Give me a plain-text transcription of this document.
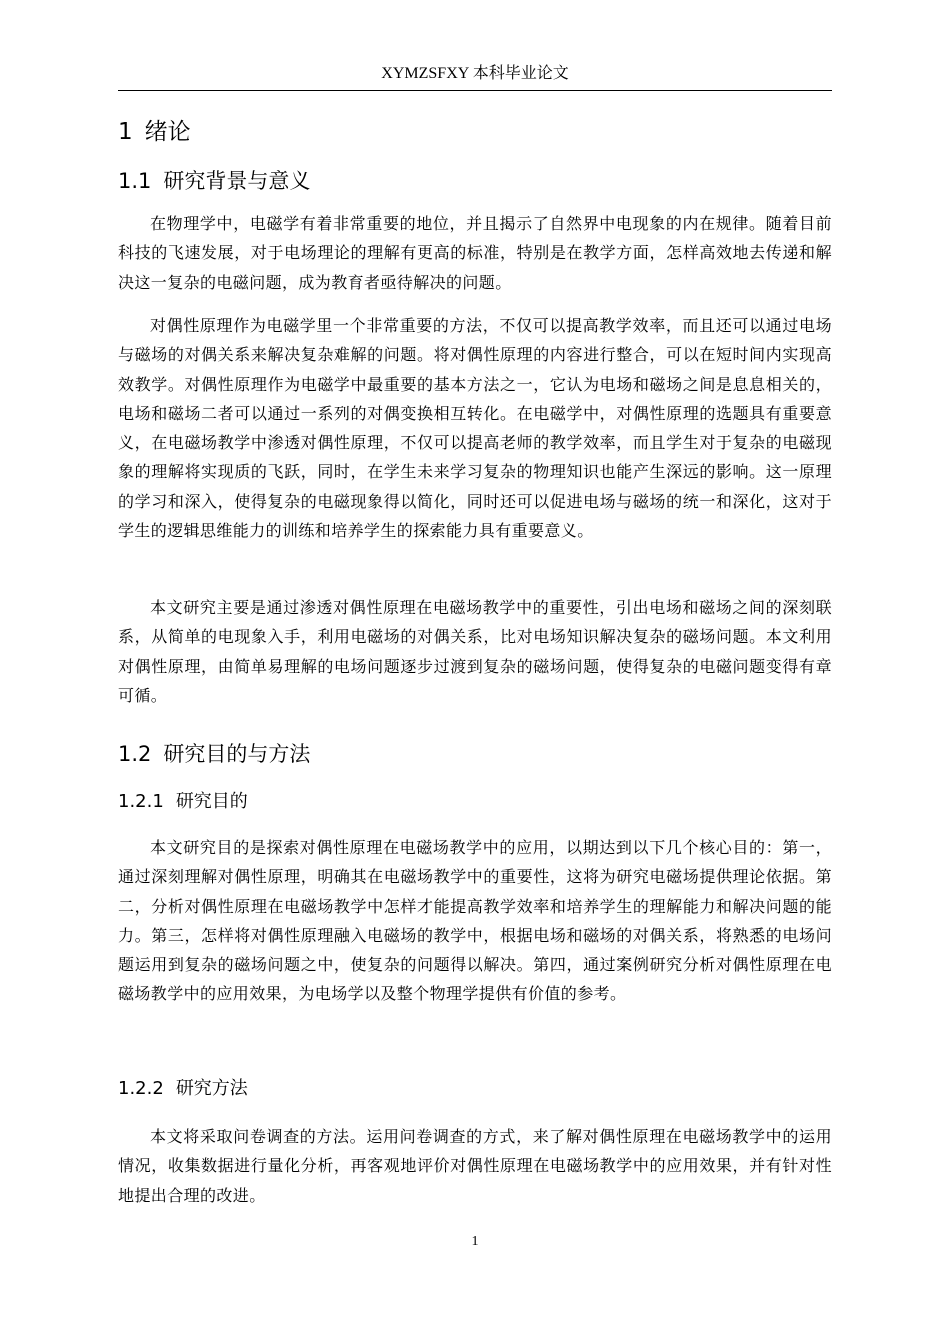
XYMZSFXY 本科毕业论文
1 绪论
1.1 研究背景与意义

在物理学中，电磁学有着非常重要的地位，并且揭示了自然界中电现象的内在规律。随着目前科技的飞速发展，对于电场理论的理解有更高的标准，特别是在教学方面，怎样高效地去传递和解决这一复杂的电磁问题，成为教育者亟待解决的问题。

对偶性原理作为电磁学里一个非常重要的方法，不仅可以提高教学效率，而且还可以通过电场与磁场的对偶关系来解决复杂难解的问题。将对偶性原理的内容进行整合，可以在短时间内实现高效教学。对偶性原理作为电磁学中最重要的基本方法之一，它认为电场和磁场之间是息息相关的，电场和磁场二者可以通过一系列的对偶变换相互转化。在电磁学中，对偶性原理的选题具有重要意义，在电磁场教学中渗透对偶性原理，不仅可以提高老师的教学效率，而且学生对于复杂的电磁现象的理解将实现质的飞跃，同时，在学生未来学习复杂的物理知识也能产生深远的影响。这一原理的学习和深入，使得复杂的电磁现象得以简化，同时还可以促进电场与磁场的统一和深化，这对于学生的逻辑思维能力的训练和培养学生的探索能力具有重要意义。

本文研究主要是通过渗透对偶性原理在电磁场教学中的重要性，引出电场和磁场之间的深刻联系，从简单的电现象入手，利用电磁场的对偶关系，比对电场知识解决复杂的磁场问题。本文利用对偶性原理，由简单易理解的电场问题逐步过渡到复杂的磁场问题，使得复杂的电磁问题变得有章可循。

1.2 研究目的与方法
1.2.1 研究目的

本文研究目的是探索对偶性原理在电磁场教学中的应用，以期达到以下几个核心目的：第一，通过深刻理解对偶性原理，明确其在电磁场教学中的重要性，这将为研究电磁场提供理论依据。第二，分析对偶性原理在电磁场教学中怎样才能提高教学效率和培养学生的理解能力和解决问题的能力。第三，怎样将对偶性原理融入电磁场的教学中，根据电场和磁场的对偶关系，将熟悉的电场问题运用到复杂的磁场问题之中，使复杂的问题得以解决。第四，通过案例研究分析对偶性原理在电磁场教学中的应用效果，为电场学以及整个物理学提供有价值的参考。

1.2.2 研究方法

本文将采取问卷调查的方法。运用问卷调查的方式，来了解对偶性原理在电磁场教学中的运用情况，收集数据进行量化分析，再客观地评价对偶性原理在电磁场教学中的应用效果，并有针对性地提出合理的改进。

1
